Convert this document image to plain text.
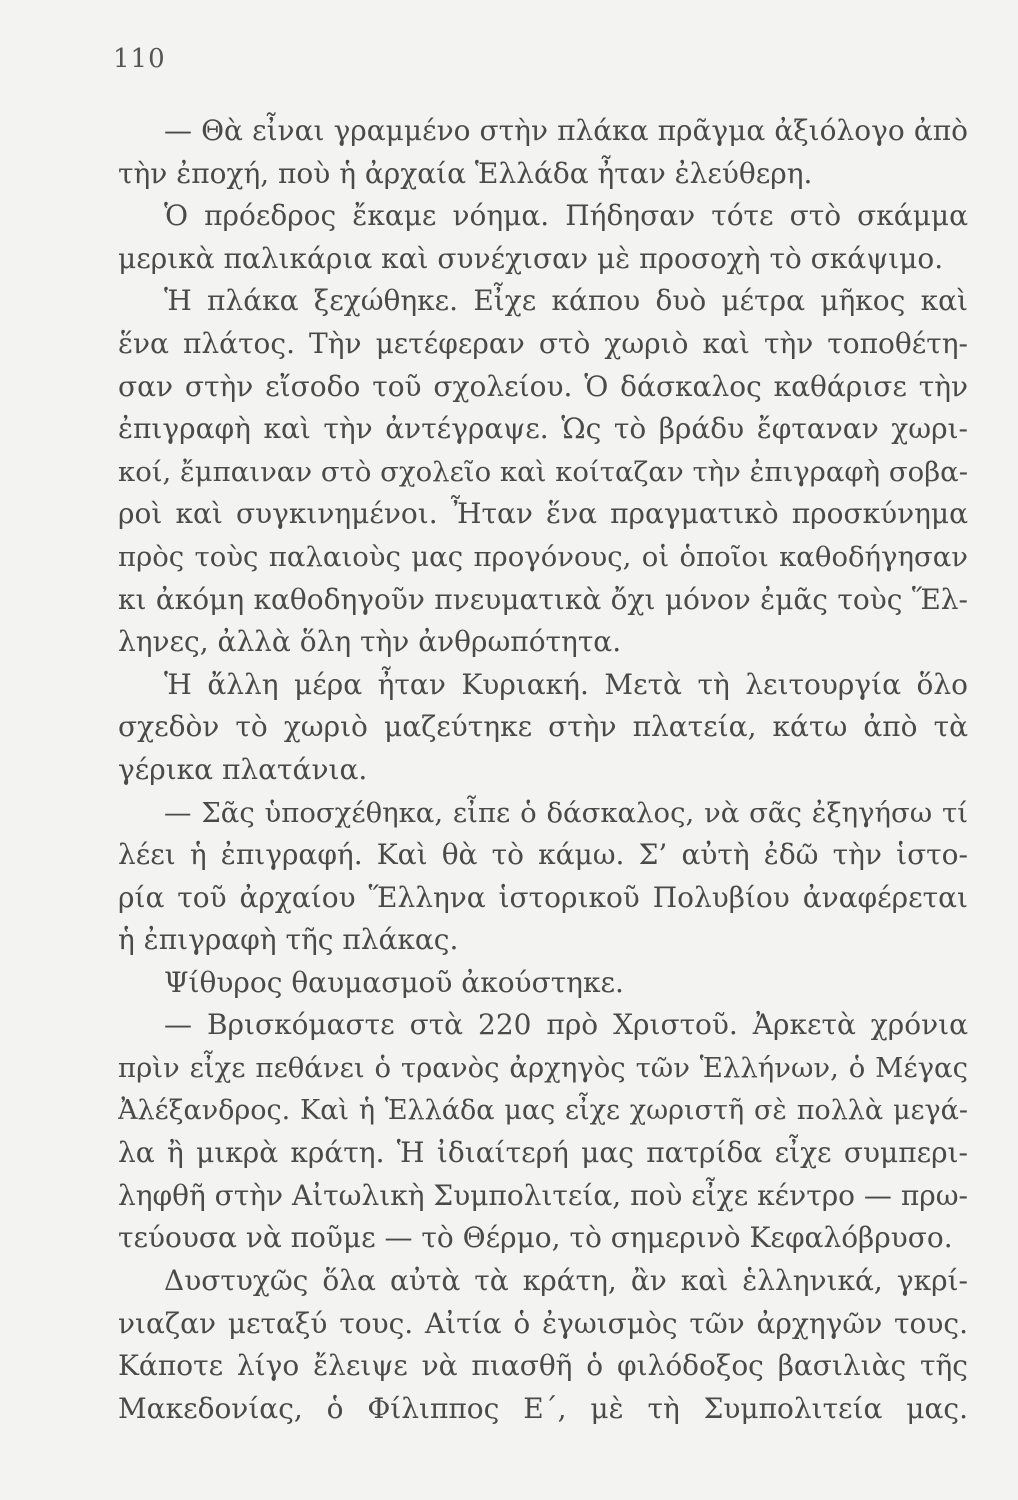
110
— Θὰ εἶναι γραμμένο στὴν πλάκα πρᾶγμα ἀξιόλογο ἀπὸ
τὴν ἐποχή, ποὺ ἡ ἀρχαία Ἑλλάδα ἦταν ἐλεύθερη.
Ὁ πρόεδρος ἔκαμε νόημα. Πήδησαν τότε στὸ σκάμμα
μερικὰ παλικάρια καὶ συνέχισαν μὲ προσοχὴ τὸ σκάψιμο.
Ἡ πλάκα ξεχώθηκε. Εἶχε κάπου δυὸ μέτρα μῆκος καὶ
ἕνα πλάτος. Τὴν μετέφεραν στὸ χωριὸ καὶ τὴν τοποθέτη-
σαν στὴν εἴσοδο τοῦ σχολείου. Ὁ δάσκαλος καθάρισε τὴν
ἐπιγραφὴ καὶ τὴν ἀντέγραψε. Ὡς τὸ βράδυ ἔφταναν χωρι-
κοί, ἔμπαιναν στὸ σχολεῖο καὶ κοίταζαν τὴν ἐπιγραφὴ σοβα-
ροὶ καὶ συγκινημένοι. Ἦταν ἕνα πραγματικὸ προσκύνημα
πρὸς τοὺς παλαιοὺς μας προγόνους, οἱ ὁποῖοι καθοδήγησαν
κι ἀκόμη καθοδηγοῦν πνευματικὰ ὄχι μόνον ἐμᾶς τοὺς Ἕλ-
ληνες, ἀλλὰ ὅλη τὴν ἀνθρωπότητα.
Ἡ ἄλλη μέρα ἦταν Κυριακή. Μετὰ τὴ λειτουργία ὅλο
σχεδὸν τὸ χωριὸ μαζεύτηκε στὴν πλατεία, κάτω ἀπὸ τὰ
γέρικα πλατάνια.
— Σᾶς ὑποσχέθηκα, εἶπε ὁ δάσκαλος, νὰ σᾶς ἐξηγήσω τί
λέει ἡ ἐπιγραφή. Καὶ θὰ τὸ κάμω. Σ’ αὐτὴ ἐδῶ τὴν ἱστο-
ρία τοῦ ἀρχαίου Ἕλληνα ἱστορικοῦ Πολυβίου ἀναφέρεται
ἡ ἐπιγραφὴ τῆς πλάκας.
Ψίθυρος θαυμασμοῦ ἀκούστηκε.
— Βρισκόμαστε στὰ 220 πρὸ Χριστοῦ. Ἀρκετὰ χρόνια
πρὶν εἶχε πεθάνει ὁ τρανὸς ἀρχηγὸς τῶν Ἑλλήνων, ὁ Μέγας
Ἀλέξανδρος. Καὶ ἡ Ἑλλάδα μας εἶχε χωριστῆ σὲ πολλὰ μεγά-
λα ἢ μικρὰ κράτη. Ἡ ἰδιαίτερή μας πατρίδα εἶχε συμπερι-
ληφθῆ στὴν Αἰτωλικὴ Συμπολιτεία, ποὺ εἶχε κέντρο — πρω-
τεύουσα νὰ ποῦμε — τὸ Θέρμο, τὸ σημερινὸ Κεφαλόβρυσο.
Δυστυχῶς ὅλα αὐτὰ τὰ κράτη, ἂν καὶ ἑλληνικά, γκρί-
νιαζαν μεταξύ τους. Αἰτία ὁ ἐγωισμὸς τῶν ἀρχηγῶν τους.
Κάποτε λίγο ἔλειψε νὰ πιασθῆ ὁ φιλόδοξος βασιλιὰς τῆς
Μακεδονίας, ὁ Φίλιππος Ε΄, μὲ τὴ Συμπολιτεία μας.
